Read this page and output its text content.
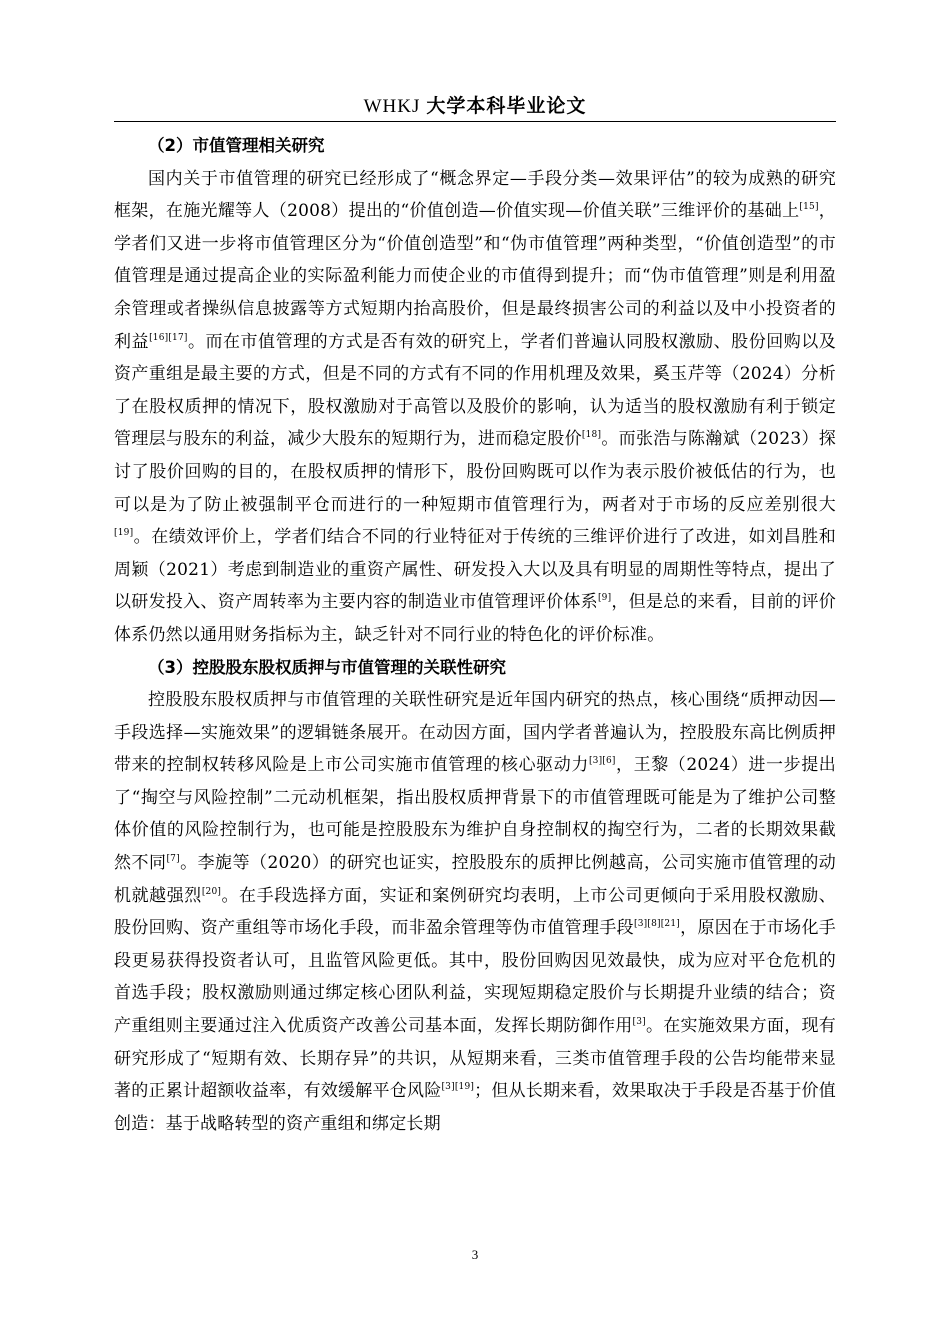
WHKJ 大学本科毕业论文

（2）市值管理相关研究

国内关于市值管理的研究已经形成了“概念界定—手段分类—效果评估”的较为成熟的研究框架，在施光耀等人（2008）提出的“价值创造—价值实现—价值关联”三维评价的基础上[15]，学者们又进一步将市值管理区分为“价值创造型”和“伪市值管理”两种类型，“价值创造型”的市值管理是通过提高企业的实际盈利能力而使企业的市值得到提升；而“伪市值管理”则是利用盈余管理或者操纵信息披露等方式短期内抬高股价，但是最终损害公司的利益以及中小投资者的利益[16][17]。而在市值管理的方式是否有效的研究上，学者们普遍认同股权激励、股份回购以及资产重组是最主要的方式，但是不同的方式有不同的作用机理及效果，奚玉芹等（2024）分析了在股权质押的情况下，股权激励对于高管以及股价的影响，认为适当的股权激励有利于锁定管理层与股东的利益，减少大股东的短期行为，进而稳定股价[18]。而张浩与陈瀚斌（2023）探讨了股价回购的目的，在股权质押的情形下，股份回购既可以作为表示股价被低估的行为，也可以是为了防止被强制平仓而进行的一种短期市值管理行为，两者对于市场的反应差别很大[19]。在绩效评价上，学者们结合不同的行业特征对于传统的三维评价进行了改进，如刘昌胜和周颖（2021）考虑到制造业的重资产属性、研发投入大以及具有明显的周期性等特点，提出了以研发投入、资产周转率为主要内容的制造业市值管理评价体系[9]，但是总的来看，目前的评价体系仍然以通用财务指标为主，缺乏针对不同行业的特色化的评价标准。

（3）控股股东股权质押与市值管理的关联性研究

控股股东股权质押与市值管理的关联性研究是近年国内研究的热点，核心围绕“质押动因—手段选择—实施效果”的逻辑链条展开。在动因方面，国内学者普遍认为，控股股东高比例质押带来的控制权转移风险是上市公司实施市值管理的核心驱动力[3][6]，王黎（2024）进一步提出了“掏空与风险控制”二元动机框架，指出股权质押背景下的市值管理既可能是为了维护公司整体价值的风险控制行为，也可能是控股股东为维护自身控制权的掏空行为，二者的长期效果截然不同[7]。李旎等（2020）的研究也证实，控股股东的质押比例越高，公司实施市值管理的动机就越强烈[20]。在手段选择方面，实证和案例研究均表明，上市公司更倾向于采用股权激励、股份回购、资产重组等市场化手段，而非盈余管理等伪市值管理手段[3][8][21]，原因在于市场化手段更易获得投资者认可，且监管风险更低。其中，股份回购因见效最快，成为应对平仓危机的首选手段；股权激励则通过绑定核心团队利益，实现短期稳定股价与长期提升业绩的结合；资产重组则主要通过注入优质资产改善公司基本面，发挥长期防御作用[3]。在实施效果方面，现有研究形成了“短期有效、长期存异”的共识，从短期来看，三类市值管理手段的公告均能带来显著的正累计超额收益率，有效缓解平仓风险[3][19]；但从长期来看，效果取决于手段是否基于价值创造：基于战略转型的资产重组和绑定长期

3
